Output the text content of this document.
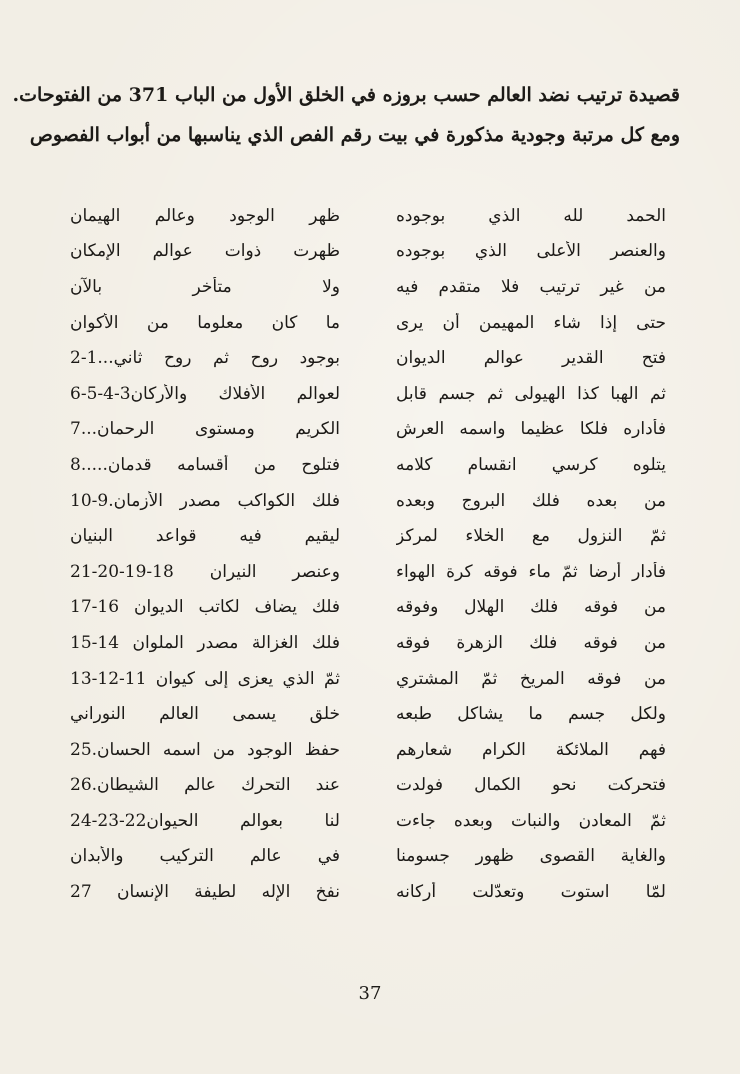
قصيدة ترتيب نضد العالم حسب بروزه في الخلق الأول من الباب 371 من الفتوحات.
ومع كل مرتبة وجودية مذكورة في بيت رقم الفص الذي يناسبها من أبواب الفصوص
الحمد لله الذي بوجوده
ظهر الوجود وعالم الهيمان
والعنصر الأعلى الذي بوجوده
ظهرت ذوات عوالم الإمكان
من غير ترتيب فلا متقدم فيه
ولا متأخر بالآن
حتى إذا شاء المهيمن أن يرى
ما كان معلوما من الأكوان
فتح القدير عوالم الديوان
بوجود روح ثم روح ثاني...1-2
ثم الهبا كذا الهيولى ثم جسم قابل
لعوالم الأفلاك والأركان3-4-5-6
فأداره فلكا عظيما واسمه العرش
الكريم ومستوى الرحمان...7
يتلوه كرسي انقسام كلامه
فتلوح من أقسامه قدمان.....8
من بعده فلك البروج وبعده
فلك الكواكب مصدر الأزمان.9-10
ثمّ النزول مع الخلاء لمركز
ليقيم فيه قواعد البنيان
فأدار أرضا ثمّ ماء فوقه كرة الهواء
وعنصر النيران 18-19-20-21
من فوقه فلك الهلال وفوقه
فلك يضاف لكاتب الديوان 16-17
من فوقه فلك الزهرة فوقه
فلك الغزالة مصدر الملوان 14-15
من فوقه المريخ ثمّ المشتري
ثمّ الذي يعزى إلى كيوان 11-12-13
ولكل جسم ما يشاكل طبعه
خلق يسمى العالم النوراني
فهم الملائكة الكرام شعارهم
حفظ الوجود من اسمه الحسان.25
فتحركت نحو الكمال فولدت
عند التحرك عالم الشيطان.26
ثمّ المعادن والنبات وبعده جاءت
لنا بعوالم الحيوان22-23-24
والغاية القصوى ظهور جسومنا
في عالم التركيب والأبدان
لمّا استوت وتعدّلت أركانه
نفخ الإله لطيفة الإنسان 27
37
